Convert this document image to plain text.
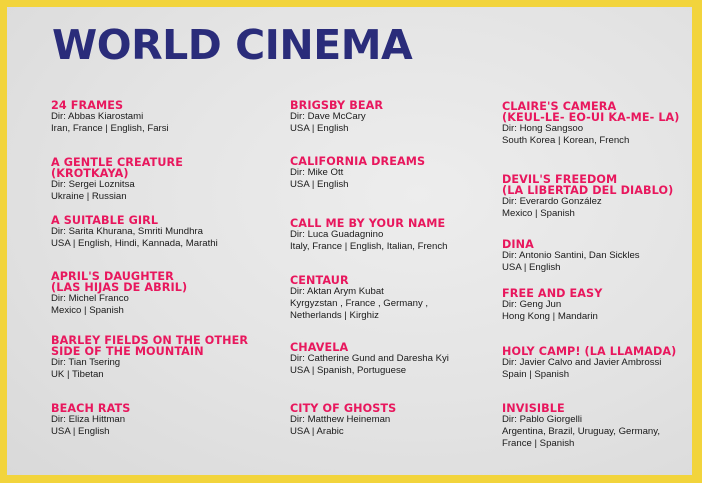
WORLD CINEMA
24 FRAMES
Dir: Abbas Kiarostami
Iran, France | English, Farsi
A GENTLE CREATURE (KROTKAYA)
Dir: Sergei Loznitsa
Ukraine | Russian
A SUITABLE GIRL
Dir: Sarita Khurana, Smriti Mundhra
USA | English, Hindi, Kannada, Marathi
APRIL'S DAUGHTER
(LAS HIJAS DE ABRIL)
Dir: Michel Franco
Mexico | Spanish
BARLEY FIELDS ON THE OTHER
SIDE OF THE MOUNTAIN
Dir: Tian Tsering
UK | Tibetan
BEACH RATS
Dir: Eliza Hittman
USA | English
BRIGSBY BEAR
Dir: Dave McCary
USA | English
CALIFORNIA DREAMS
Dir: Mike Ott
USA | English
CALL ME BY YOUR NAME
Dir: Luca Guadagnino
Italy, France | English, Italian, French
CENTAUR
Dir: Aktan Arym Kubat
Kyrgyzstan , France , Germany ,
Netherlands | Kirghiz
CHAVELA
Dir: Catherine Gund and Daresha Kyi
USA | Spanish, Portuguese
CITY OF GHOSTS
Dir: Matthew Heineman
USA | Arabic
CLAIRE'S CAMERA
(KEUL-LE- EO-UI KA-ME- LA)
Dir: Hong Sangsoo
South Korea | Korean, French
DEVIL'S FREEDOM
(LA LIBERTAD DEL DIABLO)
Dir: Everardo González
Mexico | Spanish
DINA
Dir: Antonio Santini, Dan Sickles
USA | English
FREE AND EASY
Dir: Geng Jun
Hong Kong | Mandarin
HOLY CAMP! (LA LLAMADA)
Dir: Javier Calvo and Javier Ambrossi
Spain | Spanish
INVISIBLE
Dir: Pablo Giorgelli
Argentina, Brazil, Uruguay, Germany,
France | Spanish
